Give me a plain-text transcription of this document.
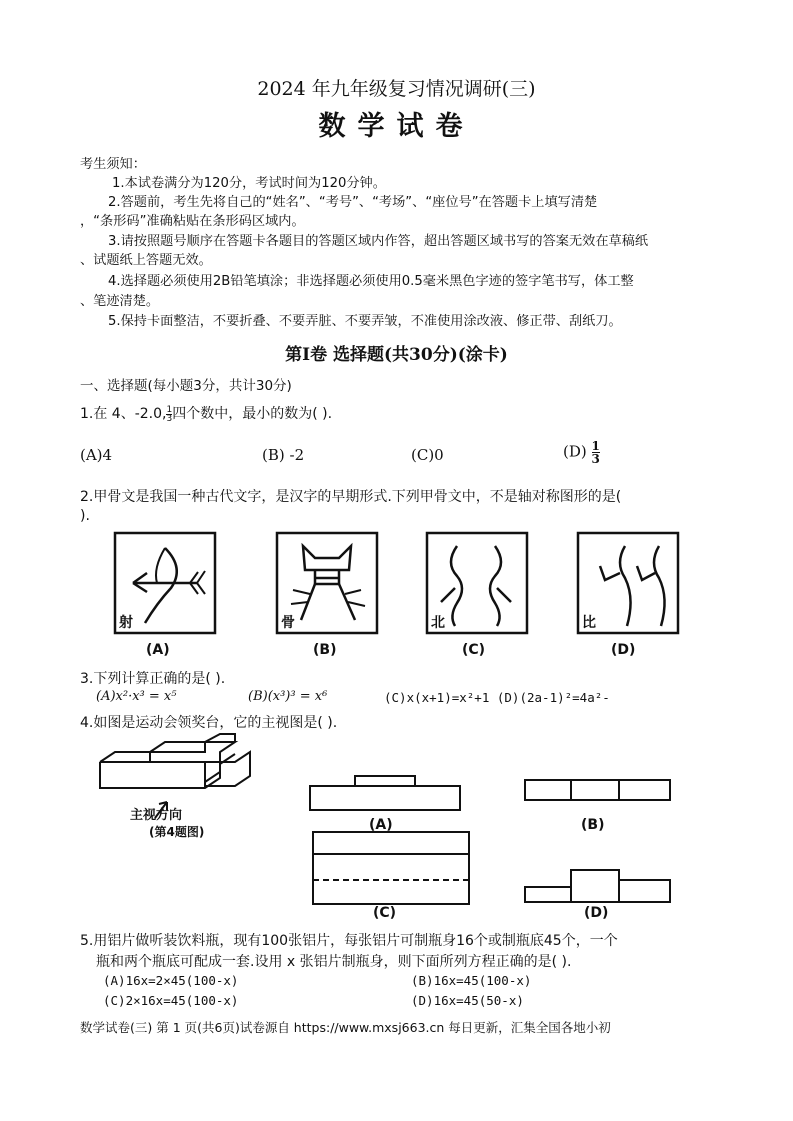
2024 年九年级复习情况调研(三)
数学试卷
考生须知：
1.本试卷满分为120分，考试时间为120分钟。
2.答题前，考生先将自己的“姓名”、“考号”、“考场”、“座位号”在答题卡上填写清楚
，“条形码”准确粘贴在条形码区域内。
3.请按照题号顺序在答题卡各题目的答题区域内作答，超出答题区域书写的答案无效在草稿纸
、试题纸上答题无效。
4.选择题必须使用2B铅笔填涂；非选择题必须使用0.5毫米黑色字迹的签字笔书写，体工整
、笔迹清楚。
5.保持卡面整洁，不要折叠、不要弄脏、不要弄皱，不准使用涂改液、修正带、刮纸刀。
第Ⅰ卷 选择题(共30分)(涂卡)
一、选择题(每小题3分，共计30分)
1.在 4、-2.0, $\frac{1}{3}$ 四个数中，最小的数为( ).
(A)4	(B) -2	(C)0	$(D) \frac{1}{3}$
2.甲骨文是我国一种古代文字，是汉字的早期形式.下列甲骨文中，不是轴对称图形的是(
).
射	骨	北	比
(A)	(B)	(C)	(D)
3.下列计算正确的是( ).
(A)x²·x³ = x⁵	(B)(x³)³ = x⁶	(C)x(x+1)=x²+1 (D)(2a-1)²=4a²-
4.如图是运动会领奖台，它的主视图是( ).
主视方向
(第4题图)	(A)	(B)
(C)	(D)
5.用铝片做听装饮料瓶，现有100张铝片，每张铝片可制瓶身16个或制瓶底45个，一个
瓶和两个瓶底可配成一套.设用 x 张铝片制瓶身，则下面所列方程正确的是( ).
(A)16x=2×45(100-x)	(B)16x=45(100-x)
(C)2×16x=45(100-x)	(D)16x=45(50-x)
数学试卷(三) 第 1 页(共6页)试卷源自 https://www.mxsj663.cn 每日更新，汇集全国各地小初
